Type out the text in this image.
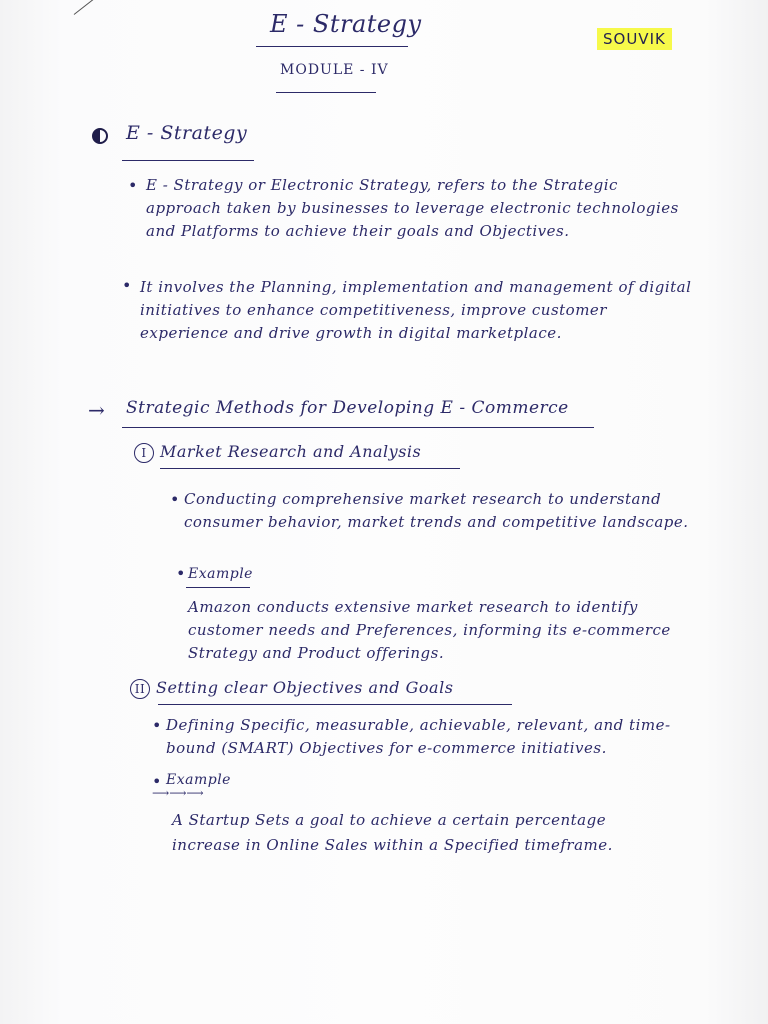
E - Strategy
SOUVIK
MODULE - IV
E - Strategy
• E - Strategy or Electronic Strategy, refers to the Strategic approach taken by businesses to leverage electronic technologies and Platforms to achieve their goals and Objectives.
• It involves the Planning, implementation and management of digital initiatives to enhance competitiveness, improve customer experience and drive growth in digital marketplace.
→ Strategic Methods for Developing E - Commerce
I Market Research and Analysis
• Conducting comprehensive market research to understand consumer behavior, market trends and competitive landscape.
• Example
Amazon conducts extensive market research to identify customer needs and Preferences, informing its e-commerce Strategy and Product offerings.
II Setting clear Objectives and Goals
• Defining Specific, measurable, achievable, relevant, and time-bound (SMART) Objectives for e-commerce initiatives.
• Example
⟶⟶⟶
A Startup Sets a goal to achieve a certain percentage increase in Online Sales within a Specified timeframe.
